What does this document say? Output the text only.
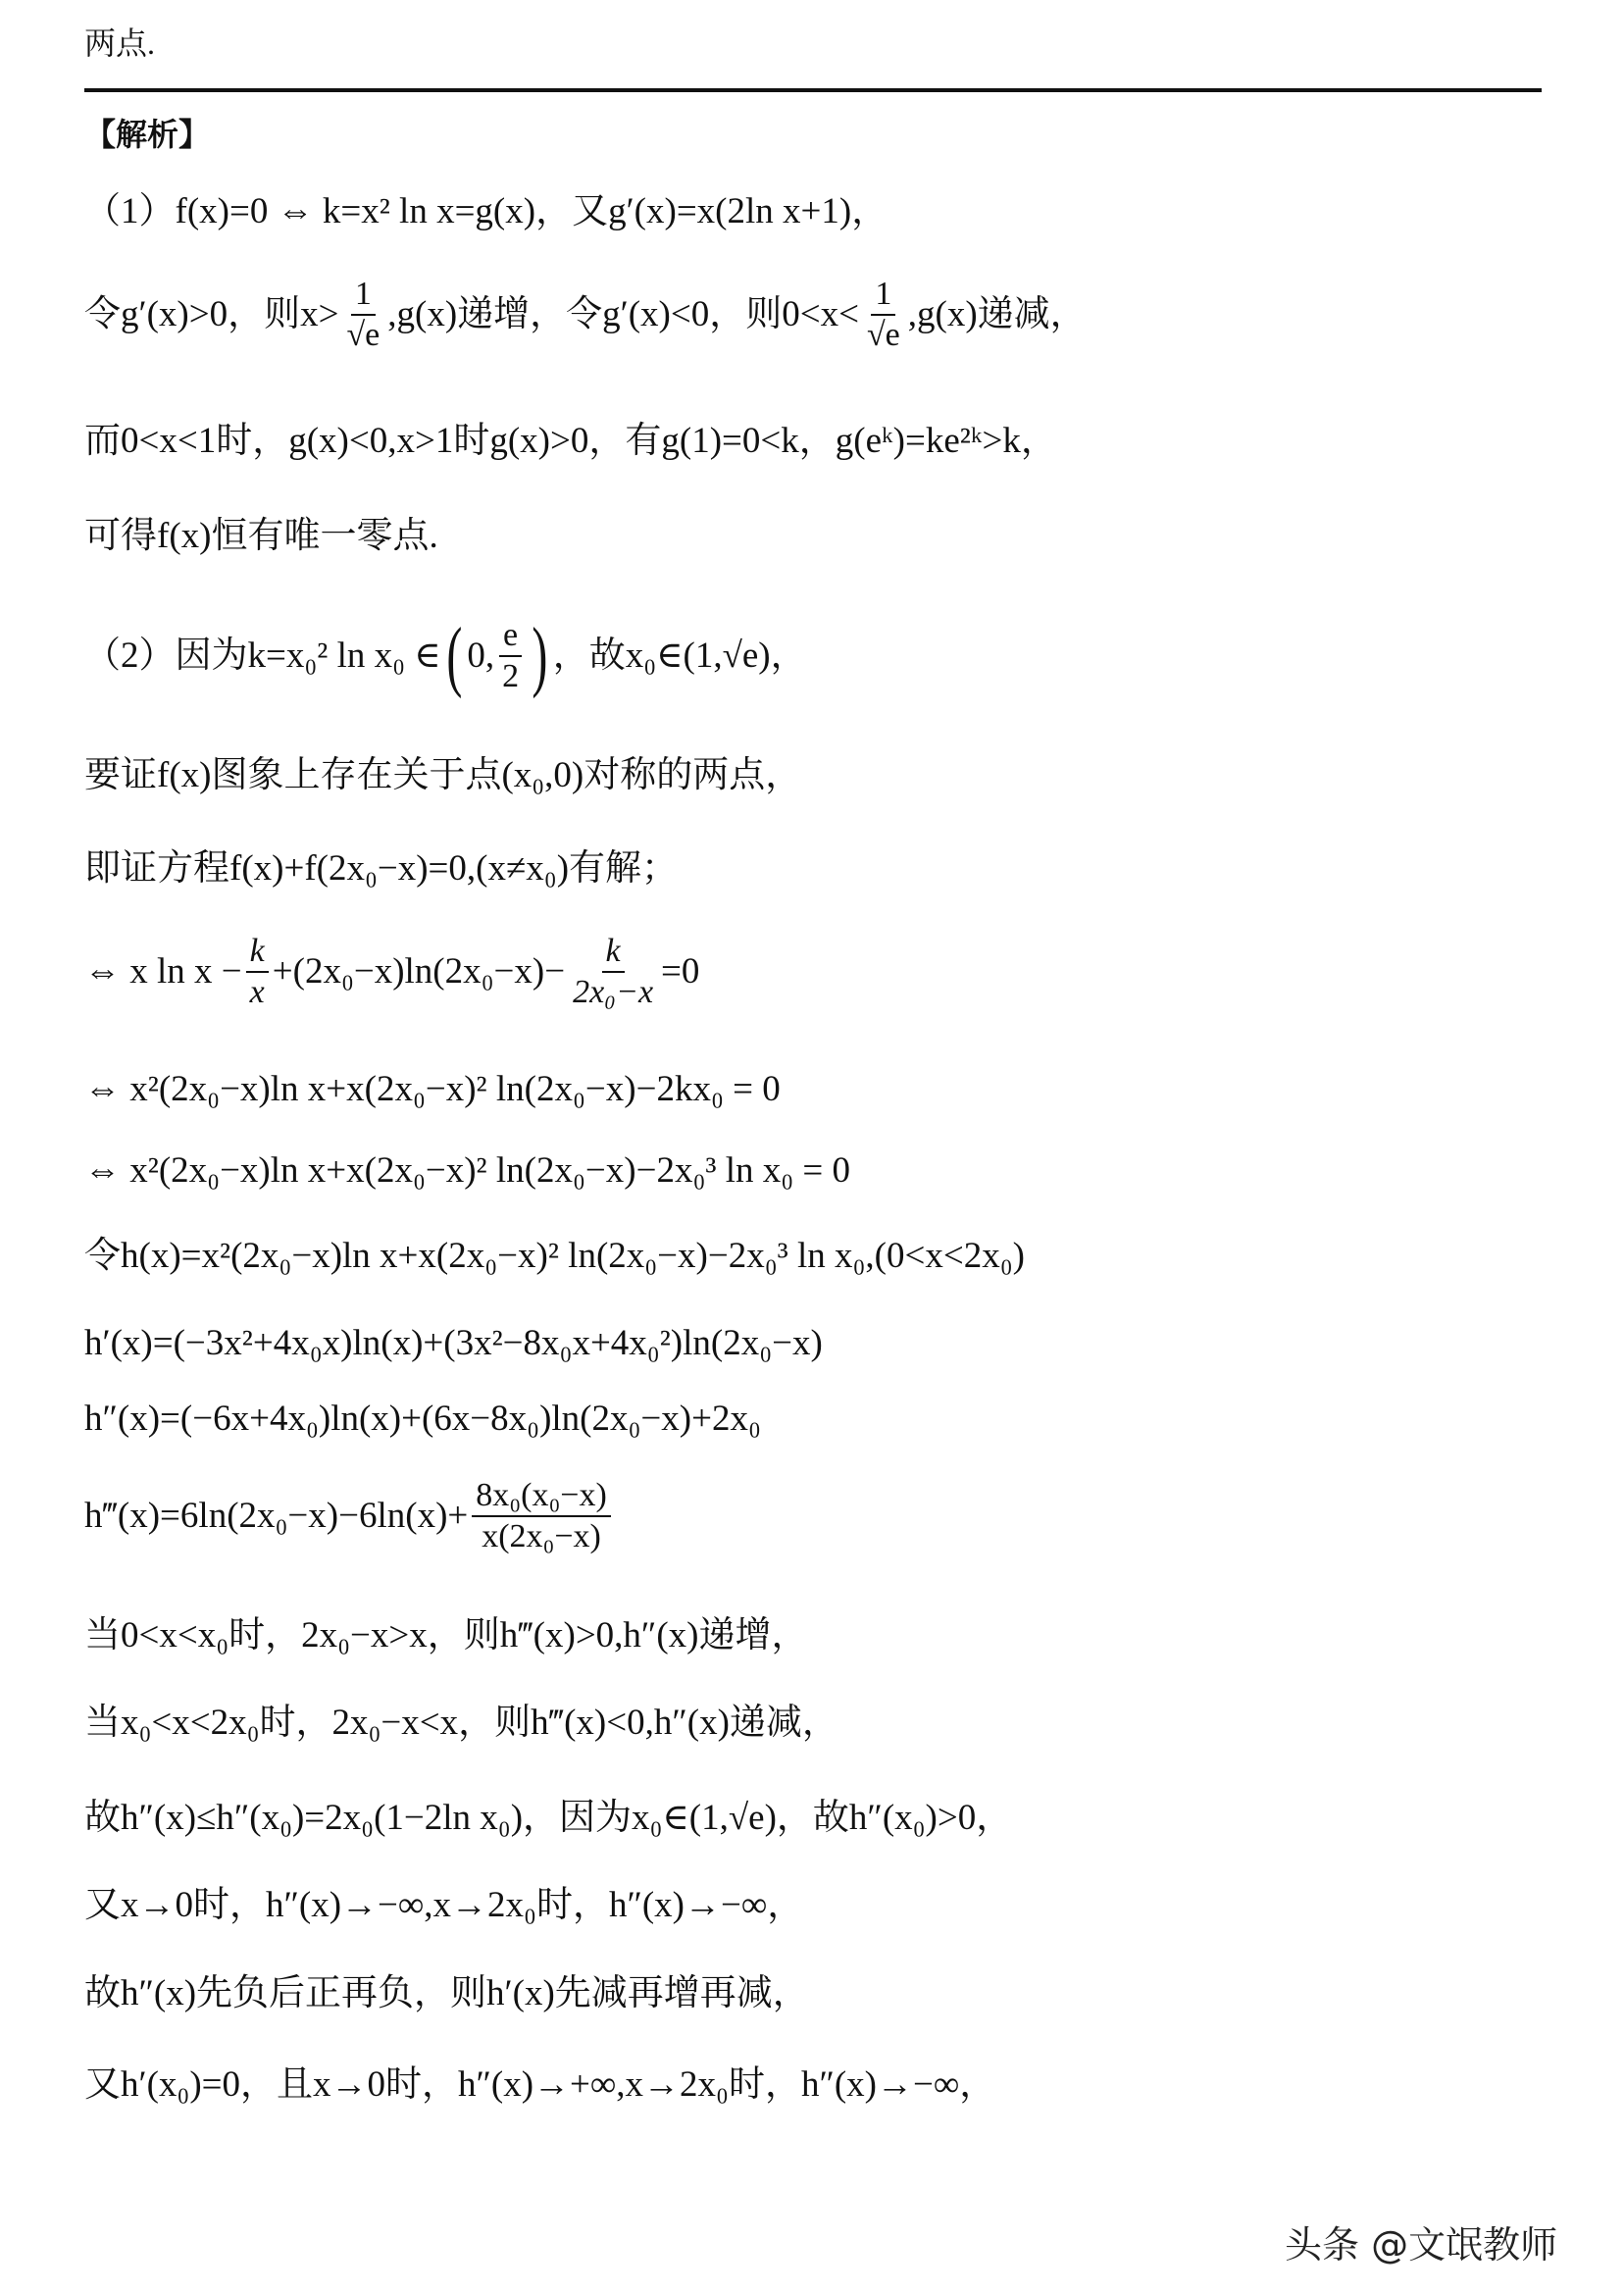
两点.
【解析】
（1）f(x)=0 ⇔ k=x² ln x=g(x)，又g′(x)=x(2ln x+1)，
令g′(x)>0，则$x> \frac{1}{√e} ,g(x)$递增，令g′(x)<0，则$0<x< \frac{1}{√e} ,g(x)$递减，
而0<x<1时，g(x)<0,x>1时g(x)>0，有g(1)=0<k，g(eᵏ)=ke²ᵏ>k，
可得f(x)恒有唯一零点.
（2）因为k=x₀² ln x₀ ∈ ( 0, $\frac{e}{2}$ ) ，故x₀∈(1,√e)，
要证f(x)图象上存在关于点(x₀,0)对称的两点，
即证方程f(x)+f(2x₀−x)=0,(x≠x₀)有解；
⇔ x $\ln x - \frac{k}{x} +(2x_0-x)\ln(2x_0-x)- \frac{k}{\text{2x₀−x}} =0$
⇔ x²(2x₀−x)ln x+x(2x₀−x)² ln(2x₀−x)−2kx₀ = 0
⇔ x²(2x₀−x)ln x+x(2x₀−x)² ln(2x₀−x)−2x₀³ ln x₀ = 0
令h(x)=x²(2x₀−x)ln x+x(2x₀−x)² ln(2x₀−x)−2x₀³ ln x₀,(0<x<2x₀)
h′(x)=(−3x²+4x₀x)ln(x)+(3x²−8x₀x+4x₀²)ln(2x₀−x)
h″(x)=(−6x+4x₀)ln(x)+(6x−8x₀)ln(2x₀−x)+2x₀
h‴(x)=6ln(2x₀−x)−6ln(x)+ $\frac{\text{8x₀(x₀−x)}}{\text{x(2x₀−x)}}$
当0<x<x₀时，2x₀−x>x，则h‴(x)>0,h″(x)递增，
当x₀<x<2x₀时，2x₀−x<x，则h‴(x)<0,h″(x)递减，
故h″(x)≤h″(x₀)=2x₀(1−2ln x₀)，因为x₀∈(1,√e)，故h″(x₀)>0，
又x→0时，h″(x)→−∞,x→2x₀时，h″(x)→−∞，
故h″(x)先负后正再负，则h′(x)先减再增再减，
又h′(x₀)=0，且x→0时，h″(x)→+∞,x→2x₀时，h″(x)→−∞，
头条 @文氓教师
